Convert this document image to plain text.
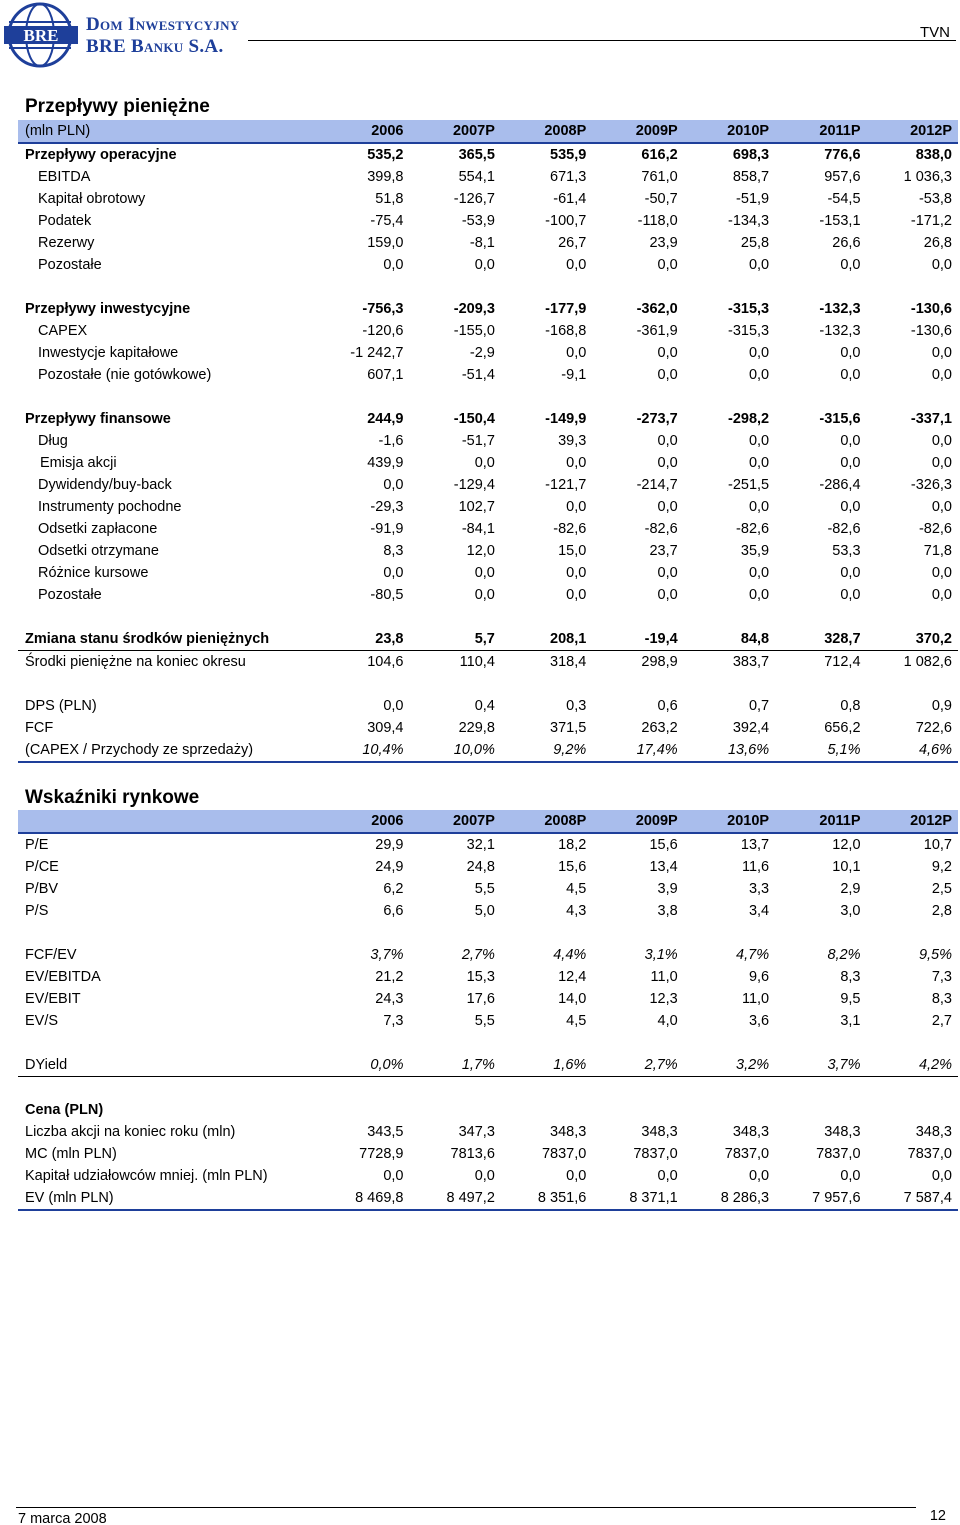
BRE
Dom Inwestycyjny
BRE Banku S.A.
TVN
Przepływy pieniężne
(mln PLN)	2006	2007P	2008P	2009P	2010P	2011P	2012P
Przepływy operacyjne	535,2	365,5	535,9	616,2	698,3	776,6	838,0
EBITDA	399,8	554,1	671,3	761,0	858,7	957,6	1 036,3
Kapitał obrotowy	51,8	-126,7	-61,4	-50,7	-51,9	-54,5	-53,8
Podatek	-75,4	-53,9	-100,7	-118,0	-134,3	-153,1	-171,2
Rezerwy	159,0	-8,1	26,7	23,9	25,8	26,6	26,8
Pozostałe	0,0	0,0	0,0	0,0	0,0	0,0	0,0

Przepływy inwestycyjne	-756,3	-209,3	-177,9	-362,0	-315,3	-132,3	-130,6
CAPEX	-120,6	-155,0	-168,8	-361,9	-315,3	-132,3	-130,6
Inwestycje kapitałowe	-1 242,7	-2,9	0,0	0,0	0,0	0,0	0,0
Pozostałe (nie gotówkowe)	607,1	-51,4	-9,1	0,0	0,0	0,0	0,0

Przepływy finansowe	244,9	-150,4	-149,9	-273,7	-298,2	-315,6	-337,1
Dług	-1,6	-51,7	39,3	0,0	0,0	0,0	0,0
Emisja akcji	439,9	0,0	0,0	0,0	0,0	0,0	0,0
Dywidendy/buy-back	0,0	-129,4	-121,7	-214,7	-251,5	-286,4	-326,3
Instrumenty pochodne	-29,3	102,7	0,0	0,0	0,0	0,0	0,0
Odsetki zapłacone	-91,9	-84,1	-82,6	-82,6	-82,6	-82,6	-82,6
Odsetki otrzymane	8,3	12,0	15,0	23,7	35,9	53,3	71,8
Różnice kursowe	0,0	0,0	0,0	0,0	0,0	0,0	0,0
Pozostałe	-80,5	0,0	0,0	0,0	0,0	0,0	0,0

Zmiana stanu środków pieniężnych	23,8	5,7	208,1	-19,4	84,8	328,7	370,2
Środki pieniężne na koniec okresu	104,6	110,4	318,4	298,9	383,7	712,4	1 082,6

DPS (PLN)	0,0	0,4	0,3	0,6	0,7	0,8	0,9
FCF	309,4	229,8	371,5	263,2	392,4	656,2	722,6
(CAPEX / Przychody ze sprzedaży)	10,4%	10,0%	9,2%	17,4%	13,6%	5,1%	4,6%
Wskaźniki rynkowe
	2006	2007P	2008P	2009P	2010P	2011P	2012P
P/E	29,9	32,1	18,2	15,6	13,7	12,0	10,7
P/CE	24,9	24,8	15,6	13,4	11,6	10,1	9,2
P/BV	6,2	5,5	4,5	3,9	3,3	2,9	2,5
P/S	6,6	5,0	4,3	3,8	3,4	3,0	2,8

FCF/EV	3,7%	2,7%	4,4%	3,1%	4,7%	8,2%	9,5%
EV/EBITDA	21,2	15,3	12,4	11,0	9,6	8,3	7,3
EV/EBIT	24,3	17,6	14,0	12,3	11,0	9,5	8,3
EV/S	7,3	5,5	4,5	4,0	3,6	3,1	2,7

DYield	0,0%	1,7%	1,6%	2,7%	3,2%	3,7%	4,2%

Cena (PLN)							
Liczba akcji na koniec roku (mln)	343,5	347,3	348,3	348,3	348,3	348,3	348,3
MC (mln PLN)	7728,9	7813,6	7837,0	7837,0	7837,0	7837,0	7837,0
Kapitał udziałowców mniej. (mln PLN)	0,0	0,0	0,0	0,0	0,0	0,0	0,0
EV (mln PLN)	8 469,8	8 497,2	8 351,6	8 371,1	8 286,3	7 957,6	7 587,4
7 marca 2008	12
